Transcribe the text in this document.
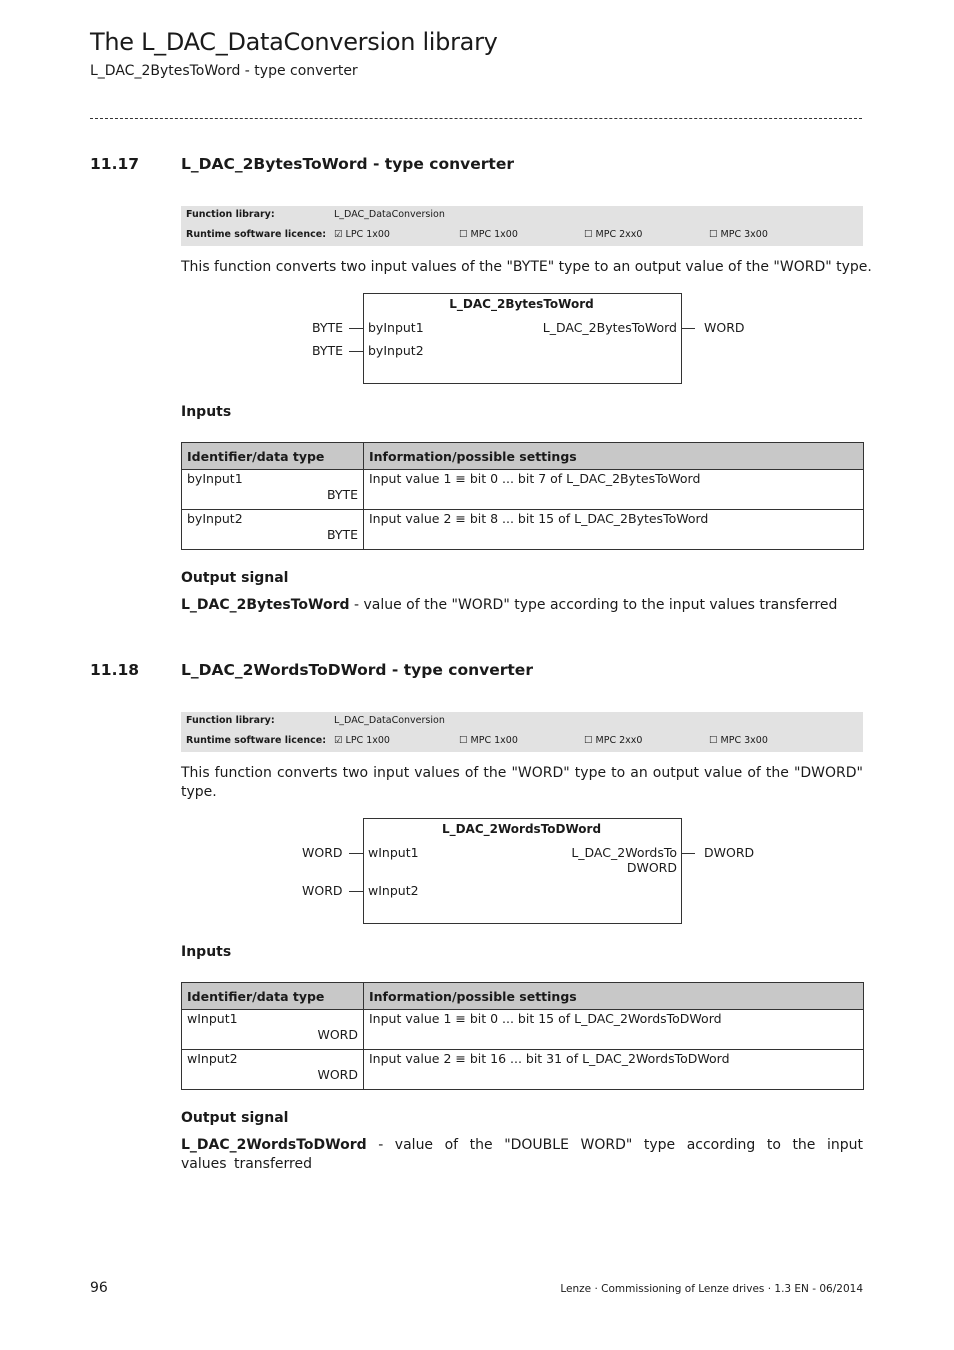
The L_DAC_DataConversion library
L_DAC_2BytesToWord - type converter
11.17	L_DAC_2BytesToWord - type converter
Function library:	L_DAC_DataConversion
Runtime software licence: ☑ LPC 1x00	☐ MPC 1x00	☐ MPC 2xx0	☐ MPC 3x00
This function converts two input values of the "BYTE" type to an output value of the "WORD" type.
L_DAC_2BytesToWord
BYTE byInput1
BYTE byInput2
L_DAC_2BytesToWord WORD
Inputs
Identifier/data type	Information/possible settings

byInput1
BYTE	Input value 1 ≡ bit 0 ... bit 7 of L_DAC_2BytesToWord

byInput2
BYTE	Input value 2 ≡ bit 8 ... bit 15 of L_DAC_2BytesToWord
Output signal
L_DAC_2BytesToWord - value of the "WORD" type according to the input values transferred
11.18	L_DAC_2WordsToDWord - type converter
Function library:	L_DAC_DataConversion
Runtime software licence: ☑ LPC 1x00	☐ MPC 1x00	☐ MPC 2xx0	☐ MPC 3x00
This function converts two input values of the "WORD" type to an output value of the "DWORD" type.
L_DAC_2WordsToDWord
WORD wInput1
WORD wInput2
L_DAC_2WordsTo
DWORD
DWORD
Inputs
Identifier/data type	Information/possible settings

wInput1
WORD	Input value 1 ≡ bit 0 ... bit 15 of L_DAC_2WordsToDWord

wInput2
WORD	Input value 2 ≡ bit 16 ... bit 31 of L_DAC_2WordsToDWord
Output signal
L_DAC_2WordsToDWord - value of the "DOUBLE WORD" type according to the input values transferred
96	Lenze · Commissioning of Lenze drives · 1.3 EN - 06/2014
